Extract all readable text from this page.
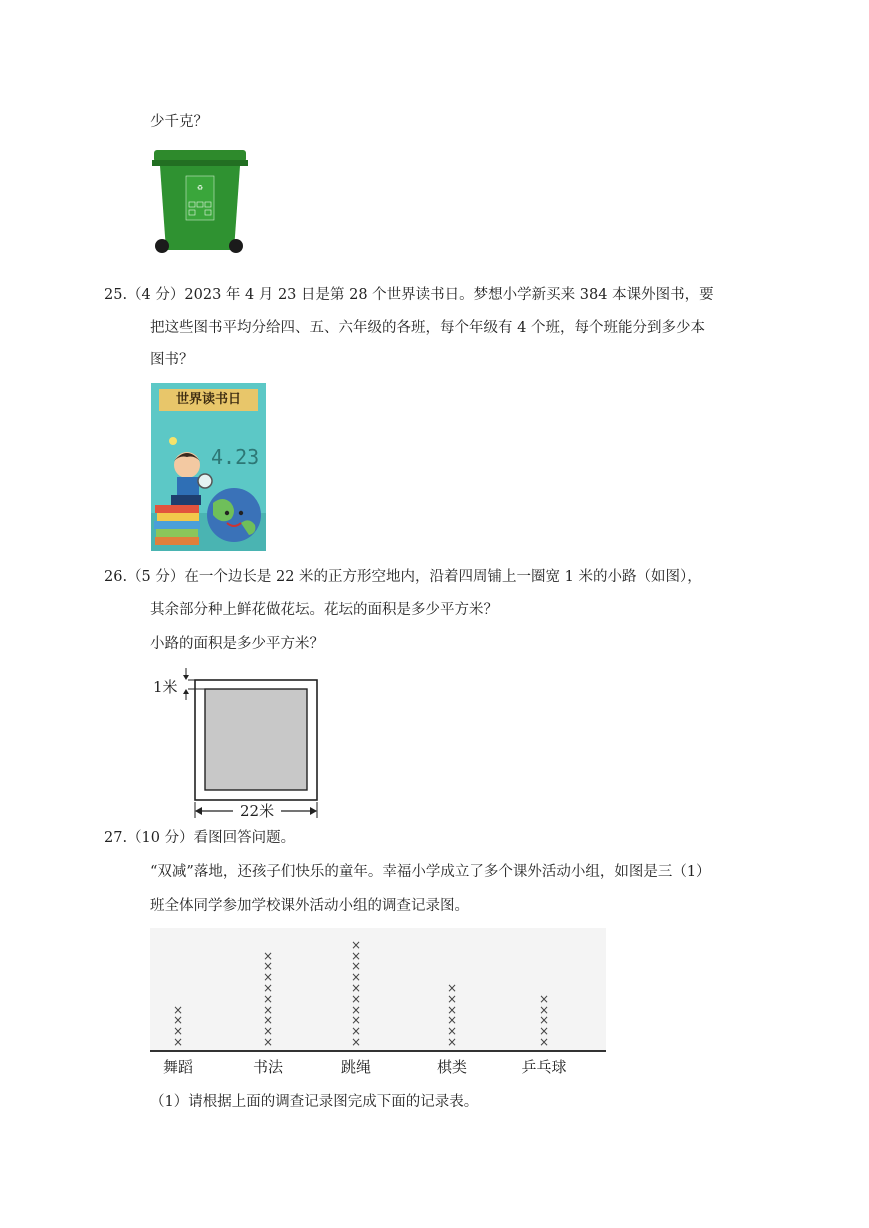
少千克？
♻
25.（4 分）2023 年 4 月 23 日是第 28 个世界读书日。梦想小学新买来 384 本课外图书，要
把这些图书平均分给四、五、六年级的各班，每个年级有 4 个班，每个班能分到多少本
图书？
世界读书日
4.23
26.（5 分）在一个边长是 22 米的正方形空地内，沿着四周铺上一圈宽 1 米的小路（如图），
其余部分种上鲜花做花坛。花坛的面积是多少平方米？
小路的面积是多少平方米？
1米
22米
27.（10 分）看图回答问题。
“双减”落地，还孩子们快乐的童年。幸福小学成立了多个课外活动小组，如图是三（1）
班全体同学参加学校课外活动小组的调查记录图。
×
×
×
×
舞蹈
×
×
×
×
×
×
×
×
×
书法
×
×
×
×
×
×
×
×
×
×
跳绳
×
×
×
×
×
×
棋类
×
×
×
×
×
乒乓球
（1）请根据上面的调查记录图完成下面的记录表。
